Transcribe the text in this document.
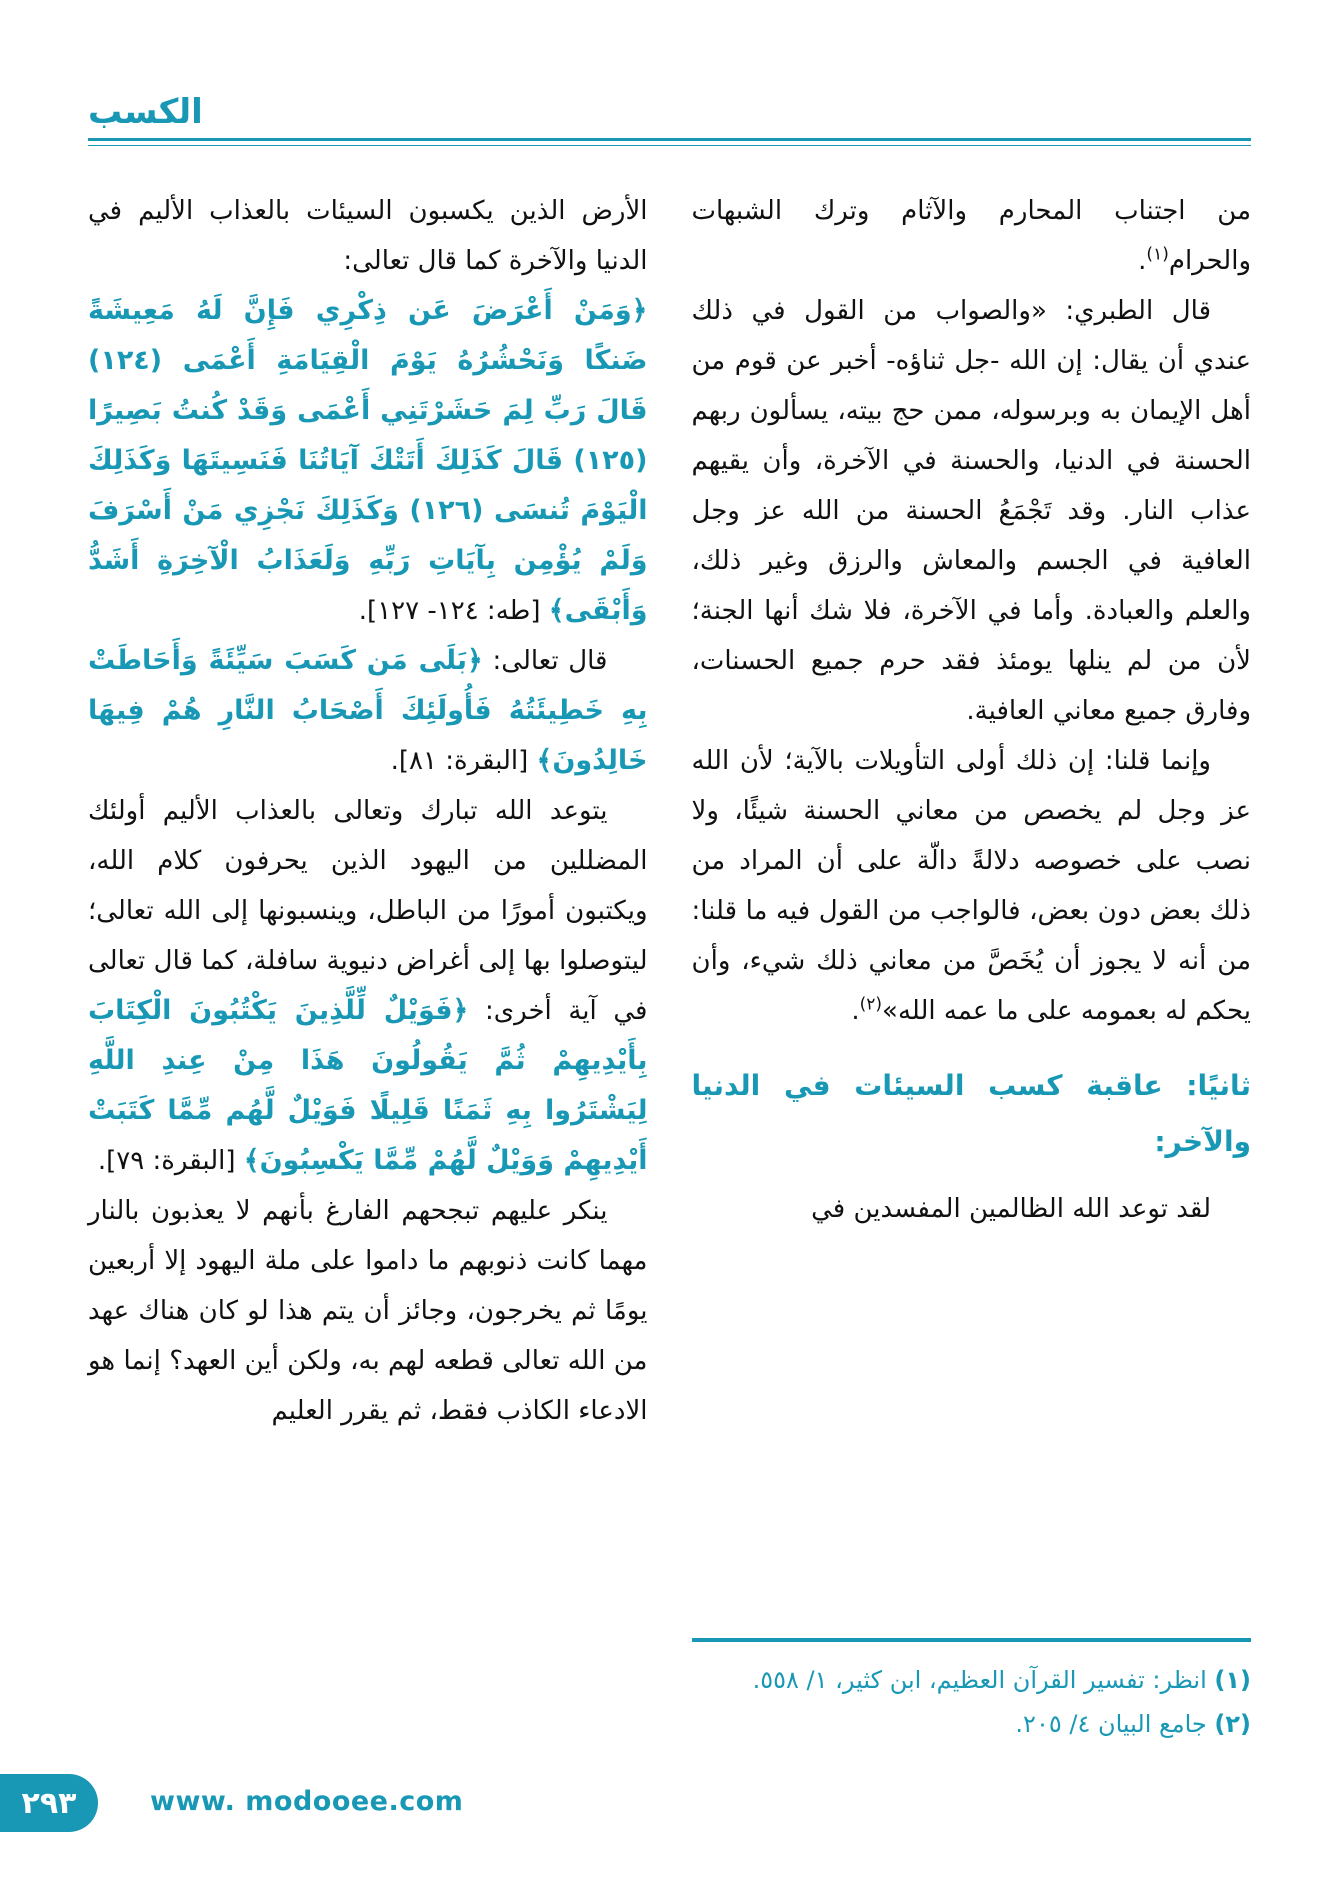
الكسب

من اجتناب المحارم والآثام وترك الشبهات والحرام$^{(١)}$.

قال الطبري: «والصواب من القول في ذلك عندي أن يقال: إن الله -جل ثناؤه- أخبر عن قوم من أهل الإيمان به وبرسوله، ممن حج بيته، يسألون ربهم الحسنة في الدنيا، والحسنة في الآخرة، وأن يقيهم عذاب النار. وقد تَجْمَعُ الحسنة من الله عز وجل العافية في الجسم والمعاش والرزق وغير ذلك، والعلم والعبادة. وأما في الآخرة، فلا شك أنها الجنة؛ لأن من لم ينلها يومئذ فقد حرم جميع الحسنات، وفارق جميع معاني العافية.

وإنما قلنا: إن ذلك أولى التأويلات بالآية؛ لأن الله عز وجل لم يخصص من معاني الحسنة شيئًا، ولا نصب على خصوصه دلالةً دالّة على أن المراد من ذلك بعض دون بعض، فالواجب من القول فيه ما قلنا: من أنه لا يجوز أن يُخَصَّ من معاني ذلك شيء، وأن يحكم له بعمومه على ما عمه الله»$^{(٢)}$.

ثانيًا: عاقبة كسب السيئات في الدنيا والآخر:

لقد توعد الله الظالمين المفسدين في

(١) انظر: تفسير القرآن العظيم، ابن كثير، ١/ ٥٥٨.
(٢) جامع البيان ٤/ ٢٠٥.

الأرض الذين يكسبون السيئات بالعذاب الأليم في الدنيا والآخرة كما قال تعالى:

﴿وَمَنْ أَعْرَضَ عَن ذِكْرِي فَإِنَّ لَهُ مَعِيشَةً ضَنكًا وَنَحْشُرُهُ يَوْمَ الْقِيَامَةِ أَعْمَى (١٢٤) قَالَ رَبِّ لِمَ حَشَرْتَنِي أَعْمَى وَقَدْ كُنتُ بَصِيرًا (١٢٥) قَالَ كَذَلِكَ أَتَتْكَ آيَاتُنَا فَنَسِيتَهَا وَكَذَلِكَ الْيَوْمَ تُنسَى (١٢٦) وَكَذَلِكَ نَجْزِي مَنْ أَسْرَفَ وَلَمْ يُؤْمِن بِآيَاتِ رَبِّهِ وَلَعَذَابُ الْآخِرَةِ أَشَدُّ وَأَبْقَى﴾ [طه: ١٢٤- ١٢٧].

قال تعالى: ﴿بَلَى مَن كَسَبَ سَيِّئَةً وَأَحَاطَتْ بِهِ خَطِيئَتُهُ فَأُولَئِكَ أَصْحَابُ النَّارِ هُمْ فِيهَا خَالِدُونَ﴾ [البقرة: ٨١].

يتوعد الله تبارك وتعالى بالعذاب الأليم أولئك المضللين من اليهود الذين يحرفون كلام الله، ويكتبون أمورًا من الباطل، وينسبونها إلى الله تعالى؛ ليتوصلوا بها إلى أغراض دنيوية سافلة، كما قال تعالى في آية أخرى: ﴿فَوَيْلٌ لِّلَّذِينَ يَكْتُبُونَ الْكِتَابَ بِأَيْدِيهِمْ ثُمَّ يَقُولُونَ هَذَا مِنْ عِندِ اللَّهِ لِيَشْتَرُوا بِهِ ثَمَنًا قَلِيلًا فَوَيْلٌ لَّهُم مِّمَّا كَتَبَتْ أَيْدِيهِمْ وَوَيْلٌ لَّهُمْ مِّمَّا يَكْسِبُونَ﴾ [البقرة: ٧٩].

ينكر عليهم تبجحهم الفارغ بأنهم لا يعذبون بالنار مهما كانت ذنوبهم ما داموا على ملة اليهود إلا أربعين يومًا ثم يخرجون، وجائز أن يتم هذا لو كان هناك عهد من الله تعالى قطعه لهم به، ولكن أين العهد؟ إنما هو الادعاء الكاذب فقط، ثم يقرر العليم

٢٩٣	www. modooee.com
